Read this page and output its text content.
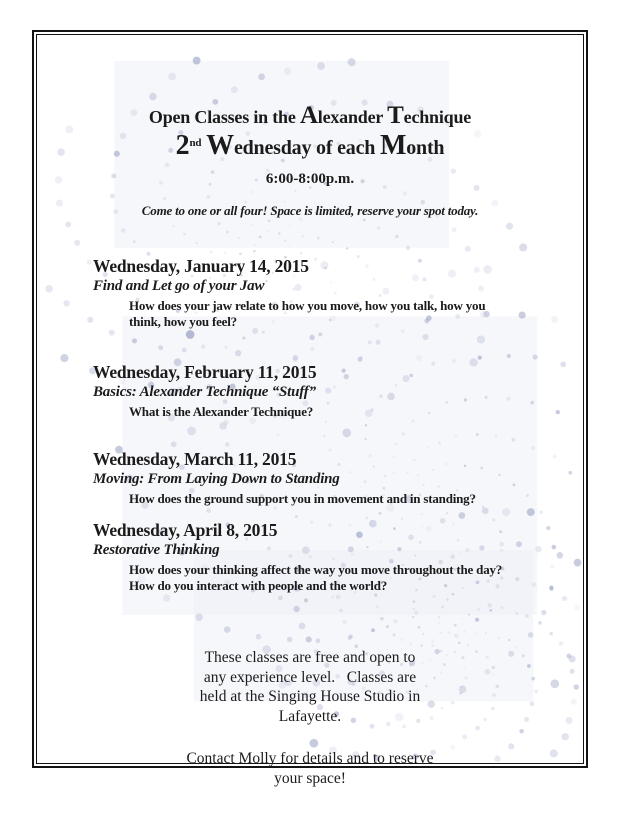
Open Classes in the Alexander Technique
2nd Wednesday of each Month
6:00-8:00p.m.
Come to one or all four! Space is limited, reserve your spot today.
Wednesday, January 14, 2015
Find and Let go of your Jaw
How does your jaw relate to how you move, how you talk, how you
think, how you feel?
Wednesday, February 11, 2015
Basics: Alexander Technique “Stuff”
What is the Alexander Technique?
Wednesday, March 11, 2015
Moving: From Laying Down to Standing
How does the ground support you in movement and in standing?
Wednesday, April 8, 2015
Restorative Thinking
How does your thinking affect the way you move throughout the day?
How do you interact with people and the world?
These classes are free and open to
any experience level.   Classes are
held at the Singing House Studio in
Lafayette.
Contact Molly for details and to reserve
your space!
